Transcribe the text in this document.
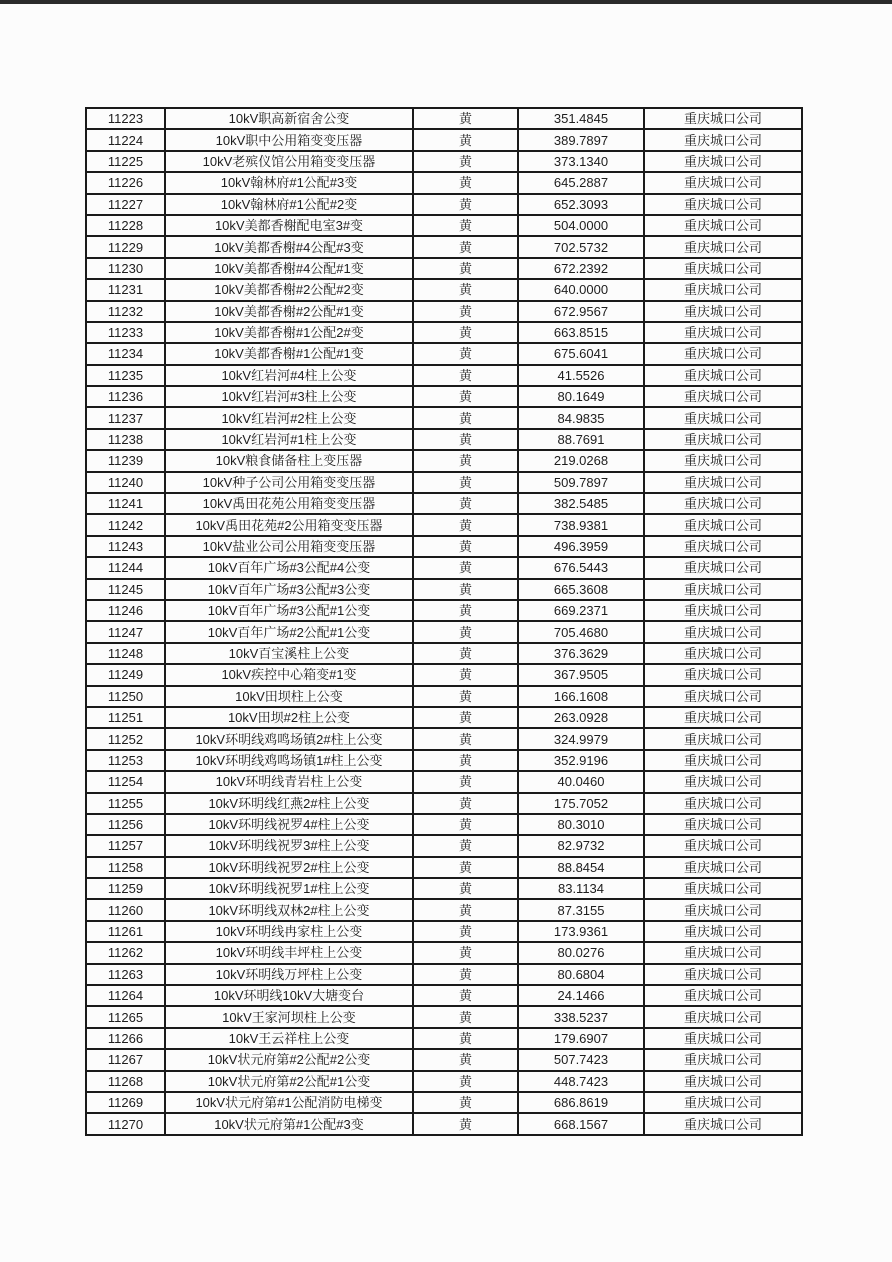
11223	10kV职高新宿舍公变	黄	351.4845	重庆城口公司
11224	10kV职中公用箱变变压器	黄	389.7897	重庆城口公司
11225	10kV老殡仪馆公用箱变变压器	黄	373.1340	重庆城口公司
11226	10kV翰林府#1公配#3变	黄	645.2887	重庆城口公司
11227	10kV翰林府#1公配#2变	黄	652.3093	重庆城口公司
11228	10kV美都香榭配电室3#变	黄	504.0000	重庆城口公司
11229	10kV美都香榭#4公配#3变	黄	702.5732	重庆城口公司
11230	10kV美都香榭#4公配#1变	黄	672.2392	重庆城口公司
11231	10kV美都香榭#2公配#2变	黄	640.0000	重庆城口公司
11232	10kV美都香榭#2公配#1变	黄	672.9567	重庆城口公司
11233	10kV美都香榭#1公配2#变	黄	663.8515	重庆城口公司
11234	10kV美都香榭#1公配#1变	黄	675.6041	重庆城口公司
11235	10kV红岩河#4柱上公变	黄	41.5526	重庆城口公司
11236	10kV红岩河#3柱上公变	黄	80.1649	重庆城口公司
11237	10kV红岩河#2柱上公变	黄	84.9835	重庆城口公司
11238	10kV红岩河#1柱上公变	黄	88.7691	重庆城口公司
11239	10kV粮食储备柱上变压器	黄	219.0268	重庆城口公司
11240	10kV种子公司公用箱变变压器	黄	509.7897	重庆城口公司
11241	10kV禹田花苑公用箱变变压器	黄	382.5485	重庆城口公司
11242	10kV禹田花苑#2公用箱变变压器	黄	738.9381	重庆城口公司
11243	10kV盐业公司公用箱变变压器	黄	496.3959	重庆城口公司
11244	10kV百年广场#3公配#4公变	黄	676.5443	重庆城口公司
11245	10kV百年广场#3公配#3公变	黄	665.3608	重庆城口公司
11246	10kV百年广场#3公配#1公变	黄	669.2371	重庆城口公司
11247	10kV百年广场#2公配#1公变	黄	705.4680	重庆城口公司
11248	10kV百宝溪柱上公变	黄	376.3629	重庆城口公司
11249	10kV疾控中心箱变#1变	黄	367.9505	重庆城口公司
11250	10kV田坝柱上公变	黄	166.1608	重庆城口公司
11251	10kV田坝#2柱上公变	黄	263.0928	重庆城口公司
11252	10kV环明线鸡鸣场镇2#柱上公变	黄	324.9979	重庆城口公司
11253	10kV环明线鸡鸣场镇1#柱上公变	黄	352.9196	重庆城口公司
11254	10kV环明线青岩柱上公变	黄	40.0460	重庆城口公司
11255	10kV环明线红燕2#柱上公变	黄	175.7052	重庆城口公司
11256	10kV环明线祝罗4#柱上公变	黄	80.3010	重庆城口公司
11257	10kV环明线祝罗3#柱上公变	黄	82.9732	重庆城口公司
11258	10kV环明线祝罗2#柱上公变	黄	88.8454	重庆城口公司
11259	10kV环明线祝罗1#柱上公变	黄	83.1134	重庆城口公司
11260	10kV环明线双林2#柱上公变	黄	87.3155	重庆城口公司
11261	10kV环明线冉家柱上公变	黄	173.9361	重庆城口公司
11262	10kV环明线丰坪柱上公变	黄	80.0276	重庆城口公司
11263	10kV环明线万坪柱上公变	黄	80.6804	重庆城口公司
11264	10kV环明线10kV大塘变台	黄	24.1466	重庆城口公司
11265	10kV王家河坝柱上公变	黄	338.5237	重庆城口公司
11266	10kV王云祥柱上公变	黄	179.6907	重庆城口公司
11267	10kV状元府第#2公配#2公变	黄	507.7423	重庆城口公司
11268	10kV状元府第#2公配#1公变	黄	448.7423	重庆城口公司
11269	10kV状元府第#1公配消防电梯变	黄	686.8619	重庆城口公司
11270	10kV状元府第#1公配#3变	黄	668.1567	重庆城口公司
